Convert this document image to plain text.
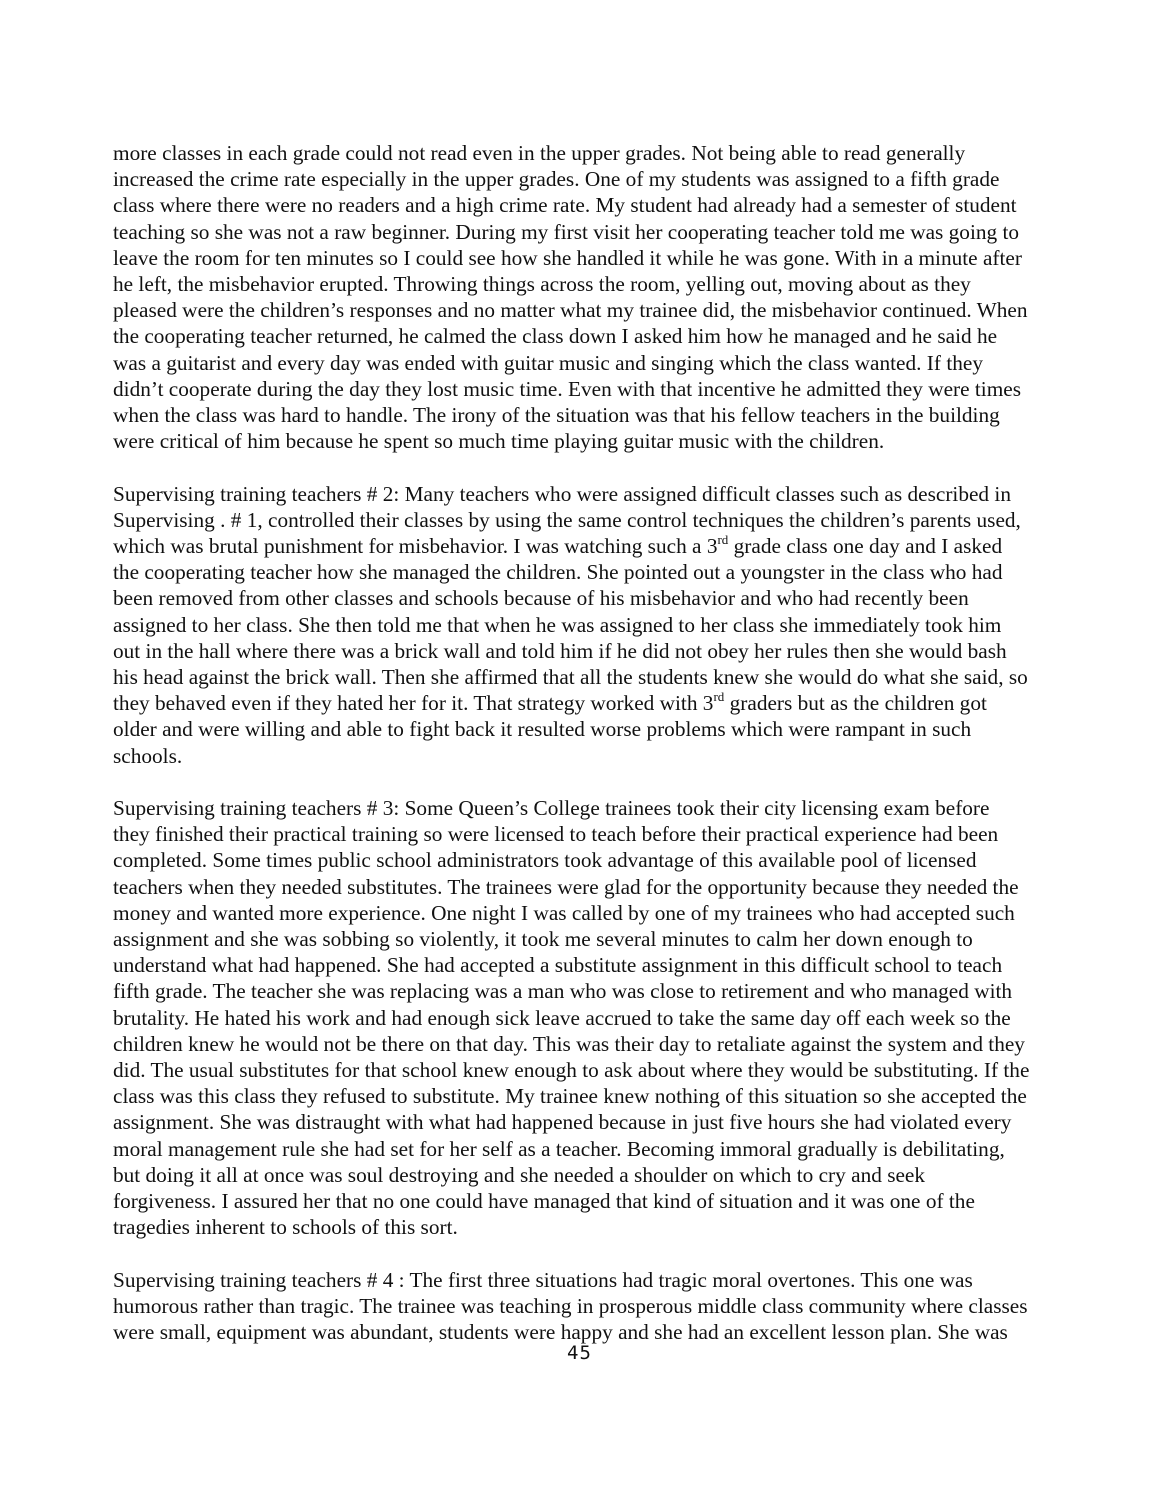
more classes in each grade could not read even in the upper grades. Not being able to read generally
increased the crime rate especially in the upper grades. One of my students was assigned to a fifth grade
class where there were no readers and a high crime rate. My student had already had a semester of student
teaching so she was not a raw beginner. During my first visit her cooperating teacher told me was going to
leave the room for ten minutes so I could see how she handled it while he was gone. With in a minute after
he left, the misbehavior erupted. Throwing things across the room, yelling out, moving about as they
pleased were the children’s responses and no matter what my trainee did, the misbehavior continued. When
the cooperating teacher returned, he calmed the class down I asked him how he managed and he said he
was a guitarist and every day was ended with guitar music and singing which the class wanted. If they
didn’t cooperate during the day they lost music time. Even with that incentive he admitted they were times
when the class was hard to handle. The irony of the situation was that his fellow teachers in the building
were critical of him because he spent so much time playing guitar music with the children.

Supervising training teachers # 2: Many teachers who were assigned difficult classes such as described in
Supervising . # 1, controlled their classes by using the same control techniques the children’s parents used,
which was brutal punishment for misbehavior. I was watching such a 3rd grade class one day and I asked
the cooperating teacher how she managed the children. She pointed out a youngster in the class who had
been removed from other classes and schools because of his misbehavior and who had recently been
assigned to her class. She then told me that when he was assigned to her class she immediately took him
out in the hall where there was a brick wall and told him if he did not obey her rules then she would bash
his head against the brick wall. Then she affirmed that all the students knew she would do what she said, so
they behaved even if they hated her for it. That strategy worked with 3rd graders but as the children got
older and were willing and able to fight back it resulted worse problems which were rampant in such
schools.

Supervising training teachers # 3: Some Queen’s College trainees took their city licensing exam before
they finished their practical training so were licensed to teach before their practical experience had been
completed. Some times public school administrators took advantage of this available pool of licensed
teachers when they needed substitutes. The trainees were glad for the opportunity because they needed the
money and wanted more experience. One night I was called by one of my trainees who had accepted such
assignment and she was sobbing so violently, it took me several minutes to calm her down enough to
understand what had happened. She had accepted a substitute assignment in this difficult school to teach
fifth grade. The teacher she was replacing was a man who was close to retirement and who managed with
brutality. He hated his work and had enough sick leave accrued to take the same day off each week so the
children knew he would not be there on that day. This was their day to retaliate against the system and they
did. The usual substitutes for that school knew enough to ask about where they would be substituting. If the
class was this class they refused to substitute. My trainee knew nothing of this situation so she accepted the
assignment. She was distraught with what had happened because in just five hours she had violated every
moral management rule she had set for her self as a teacher. Becoming immoral gradually is debilitating,
but doing it all at once was soul destroying and she needed a shoulder on which to cry and seek
forgiveness. I assured her that no one could have managed that kind of situation and it was one of the
tragedies inherent to schools of this sort.

Supervising training teachers # 4 : The first three situations had tragic moral overtones. This one was
humorous rather than tragic. The trainee was teaching in prosperous middle class community where classes
were small, equipment was abundant, students were happy and she had an excellent lesson plan. She was

45
